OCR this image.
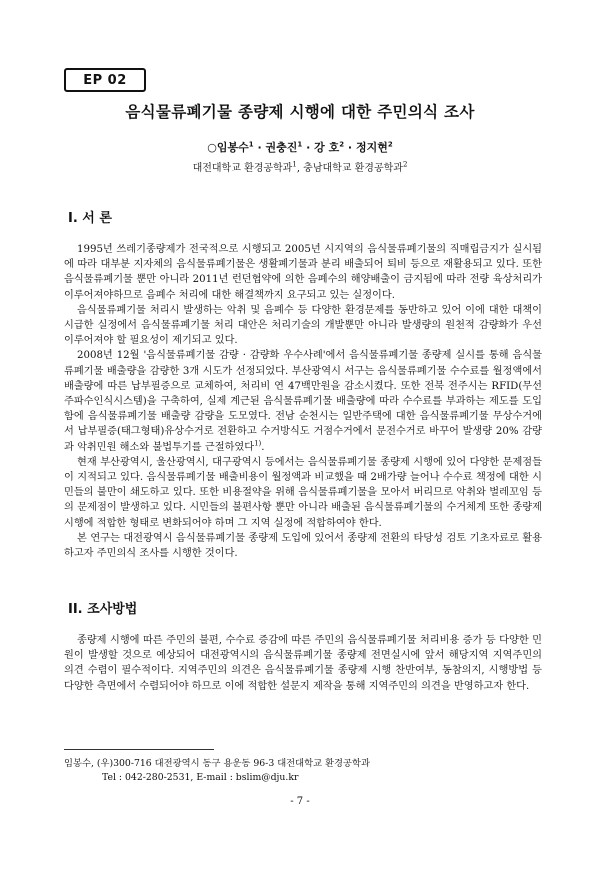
EP 02
음식물류폐기물 종량제 시행에 대한 주민의식 조사
○임봉수$^1$ · 권충진$^1$ · 강 호$^2$ · 정지현$^2$
대전대학교 환경공학과$^1$, 충남대학교 환경공학과$^2$
I. 서 론

1995년 쓰레기종량제가 전국적으로 시행되고 2005년 시지역의 음식물류폐기물의 직매립금지가 실시됨에 따라 대부분 지자체의 음식물류폐기물은 생활폐기물과 분리 배출되어 퇴비 등으로 재활용되고 있다. 또한 음식물류폐기물 뿐만 아니라 2011년 런던협약에 의한 음폐수의 해양배출이 금지됨에 따라 전량 육상처리가 이루어져야하므로 음폐수 처리에 대한 해결책까지 요구되고 있는 실정이다.

음식물류폐기물 처리시 발생하는 악취 및 음폐수 등 다양한 환경문제를 동반하고 있어 이에 대한 대책이 시급한 실정에서 음식물류폐기물 처리 대안은 처리기술의 개발뿐만 아니라 발생량의 원천적 감량화가 우선 이루어져야 할 필요성이 제기되고 있다.

2008년 12월 '음식물류폐기물 감량 · 감량화 우수사례'에서 음식물류폐기물 종량제 실시를 통해 음식물류폐기물 배출량을 감량한 3개 시도가 선정되었다. 부산광역시 서구는 음식물류폐기물 수수료를 월정액에서 배출량에 따른 납부필증으로 교체하여, 처리비 연 47백만원을 감소시켰다. 또한 전북 전주시는 RFID(무선주파수인식시스템)을 구축하여, 실제 계근된 음식물류폐기물 배출량에 따라 수수료를 부과하는 제도를 도입함에 음식물류폐기물 배출량 감량을 도모였다. 전남 순천시는 일반주택에 대한 음식물류폐기물 무상수거에서 납부필증(태그형태)유상수거로 전환하고 수거방식도 거점수거에서 문전수거로 바꾸어 발생량 20% 감량과 악취민원 해소와 불법투기를 근절하였다$^{1)}$.

현재 부산광역시, 울산광역시, 대구광역시 등에서는 음식물류폐기물 종량제 시행에 있어 다양한 문제점들이 지적되고 있다. 음식물류폐기물 배출비용이 월정액과 비교했을 때 2배가량 늘어나 수수료 책정에 대한 시민들의 불만이 쇄도하고 있다. 또한 비용절약을 위해 음식물류폐기물을 모아서 버리므로 악취와 벌레꼬임 등의 문제점이 발생하고 있다. 시민들의 불편사항 뿐만 아니라 배출된 음식물류폐기물의 수거체계 또한 종량제 시행에 적합한 형태로 변화되어야 하며 그 지역 실정에 적합하여야 한다.

본 연구는 대전광역시 음식물류폐기물 종량제 도입에 있어서 종량제 전환의 타당성 검토 기초자료로 활용하고자 주민의식 조사를 시행한 것이다.

II. 조사방법

종량제 시행에 따른 주민의 불편, 수수료 증감에 따른 주민의 음식물류폐기물 처리비용 증가 등 다양한 민원이 발생할 것으로 예상되어 대전광역시의 음식물류폐기물 종량제 전면실시에 앞서 해당지역 지역주민의 의견 수렴이 필수적이다. 지역주민의 의견은 음식물류폐기물 종량제 시행 찬반여부, 동참의지, 시행방법 등 다양한 측면에서 수렴되어야 하므로 이에 적합한 설문지 제작을 통해 지역주민의 의견을 반영하고자 한다.

임봉수, (우)300-716 대전광역시 동구 용운동 96-3 대전대학교 환경공학과
Tel : 042-280-2531, E-mail : bslim@dju.kr
- 7 -
